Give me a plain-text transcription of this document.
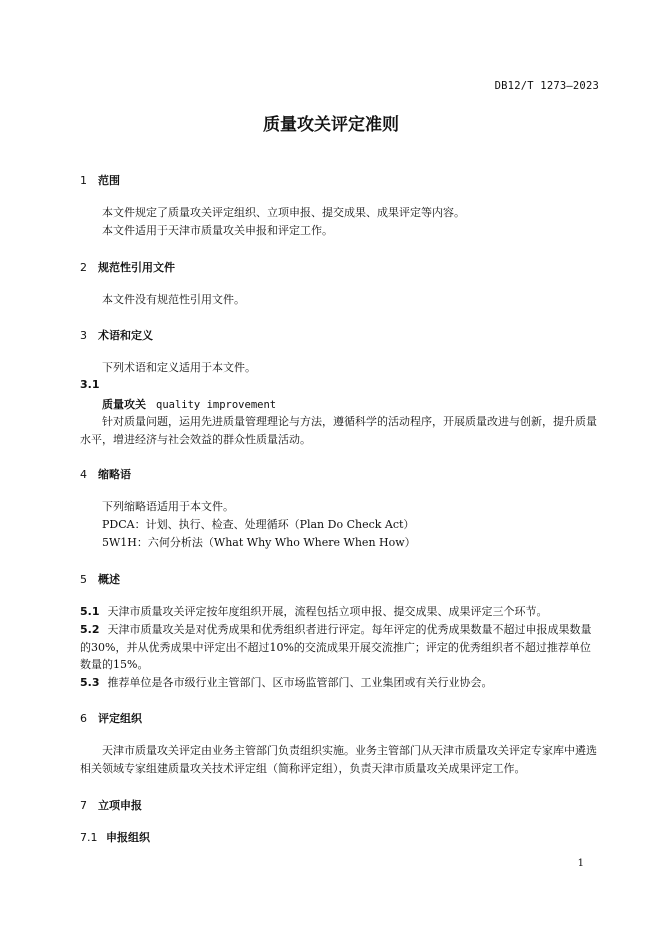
DB12/T 1273—2023
质量攻关评定准则
1 范围
本文件规定了质量攻关评定组织、立项申报、提交成果、成果评定等内容。
本文件适用于天津市质量攻关申报和评定工作。
2 规范性引用文件
本文件没有规范性引用文件。
3 术语和定义
下列术语和定义适用于本文件。
3.1
质量攻关 quality improvement
针对质量问题，运用先进质量管理理论与方法，遵循科学的活动程序，开展质量改进与创新，提升质量水平，增进经济与社会效益的群众性质量活动。
4 缩略语
下列缩略语适用于本文件。
PDCA：计划、执行、检查、处理循环（Plan Do Check Act）
5W1H：六何分析法（What Why Who Where When How）
5 概述
5.1 天津市质量攻关评定按年度组织开展，流程包括立项申报、提交成果、成果评定三个环节。
5.2 天津市质量攻关是对优秀成果和优秀组织者进行评定。每年评定的优秀成果数量不超过申报成果数量的30%，并从优秀成果中评定出不超过10%的交流成果开展交流推广；评定的优秀组织者不超过推荐单位数量的15%。
5.3 推荐单位是各市级行业主管部门、区市场监管部门、工业集团或有关行业协会。
6 评定组织
天津市质量攻关评定由业务主管部门负责组织实施。业务主管部门从天津市质量攻关评定专家库中遴选相关领域专家组建质量攻关技术评定组（简称评定组），负责天津市质量攻关成果评定工作。
7 立项申报
7.1 申报组织
1
